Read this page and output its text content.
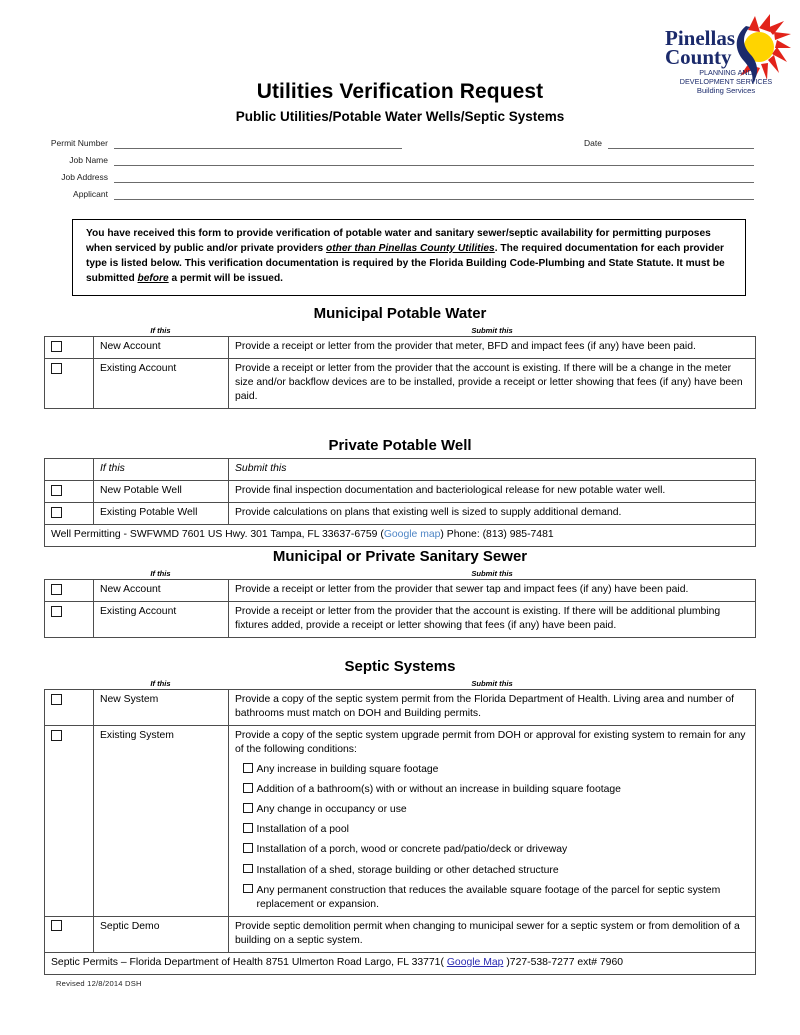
Pinellas
County
PLANNING AND
DEVELOPMENT SERVICES
Building Services
Utilities Verification Request
Public Utilities/Potable Water Wells/Septic Systems
Permit Number	Date
Job Name
Job Address
Applicant
You have received this form to provide verification of potable water and sanitary sewer/septic availability for permitting purposes when serviced by public and/or private providers other than Pinellas County Utilities. The required documentation for each provider type is listed below. This verification documentation is required by the Florida Building Code-Plumbing and State Statute. It must be submitted before a permit will be issued.
Municipal Potable Water
If this	Submit this
	New Account	Provide a receipt or letter from the provider that meter, BFD and impact fees (if any) have been paid.
	Existing Account	Provide a receipt or letter from the provider that the account is existing. If there will be a change in the meter size and/or backflow devices are to be installed, provide a receipt or letter showing that fees (if any) have been paid.
Private Potable Well
	If this	Submit this
	New Potable Well	Provide final inspection documentation and bacteriological release for new potable water well.
	Existing Potable Well	Provide calculations on plans that existing well is sized to supply additional demand.
Well Permitting - SWFWMD 7601 US Hwy. 301 Tampa, FL 33637-6759 (Google map) Phone: (813) 985-7481		
Municipal or Private Sanitary Sewer
If this	Submit this
	New Account	Provide a receipt or letter from the provider that sewer tap and impact fees (if any) have been paid.
	Existing Account	Provide a receipt or letter from the provider that the account is existing. If there will be additional plumbing fixtures added, provide a receipt or letter showing that fees (if any) have been paid.
Septic Systems
If this	Submit this
	New System	Provide a copy of the septic system permit from the Florida Department of Health. Living area and number of bathrooms must match on DOH and Building permits.
	Existing System	Provide a copy of the septic system upgrade permit from DOH or approval for existing system to remain for any of the following conditions:
Any increase in building square footage
Addition of a bathroom(s) with or without an increase in building square footage
Any change in occupancy or use
Installation of a pool
Installation of a porch, wood or concrete pad/patio/deck or driveway
Installation of a shed, storage building or other detached structure
Any permanent construction that reduces the available square footage of the parcel for septic system replacement or expansion.

	Septic Demo	Provide septic demolition permit when changing to municipal sewer for a septic system or from demolition of a building on a septic system.
Septic Permits – Florida Department of Health 8751 Ulmerton Road Largo, FL 33771( Google Map )727-538-7277 ext# 7960		
Revised 12/8/2014 DSH
